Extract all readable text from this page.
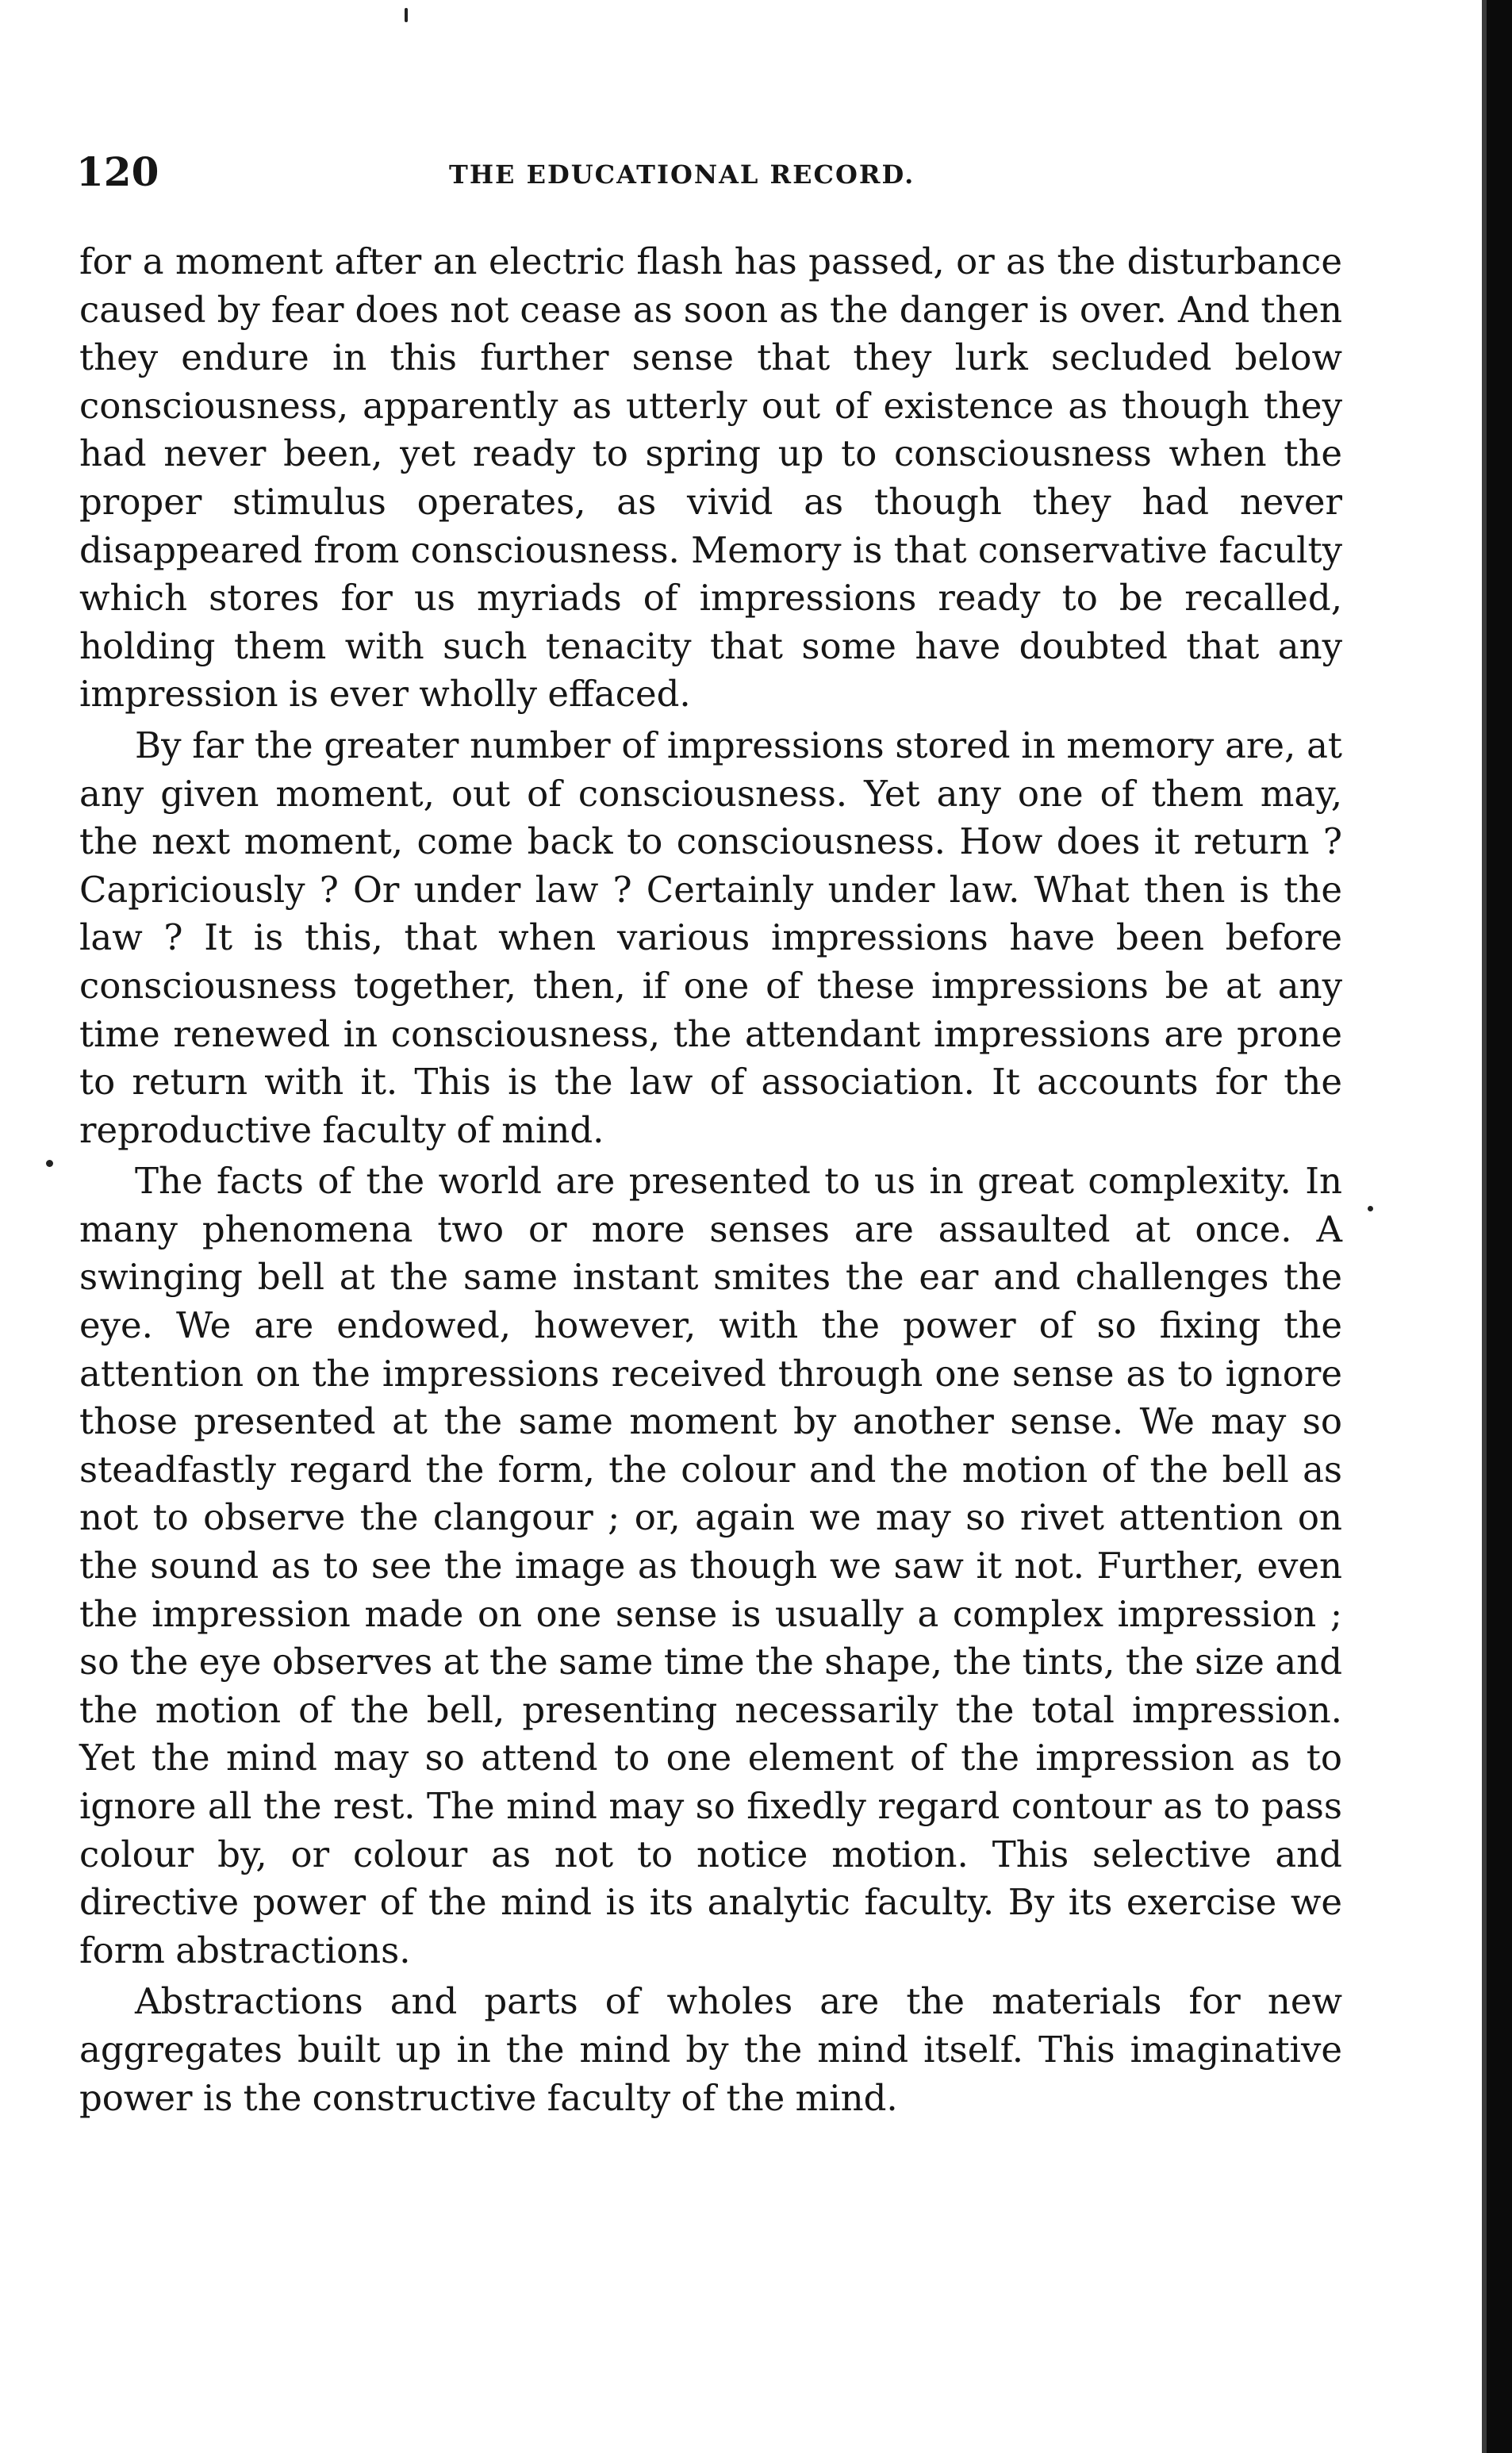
120	THE EDUCATIONAL RECORD.

for a moment after an electric flash has passed, or as the disturbance caused by fear does not cease as soon as the danger is over. And then they endure in this further sense that they lurk secluded below consciousness, apparently as utterly out of existence as though they had never been, yet ready to spring up to consciousness when the proper stimulus operates, as vivid as though they had never disappeared from consciousness. Memory is that conservative faculty which stores for us myriads of impressions ready to be recalled, holding them with such tenacity that some have doubted that any impression is ever wholly effaced.

By far the greater number of impressions stored in memory are, at any given moment, out of consciousness. Yet any one of them may, the next moment, come back to consciousness. How does it return ? Capriciously ? Or under law ? Certainly under law. What then is the law ? It is this, that when various impressions have been before consciousness together, then, if one of these impressions be at any time renewed in consciousness, the attendant impressions are prone to return with it. This is the law of association. It accounts for the reproductive faculty of mind.

The facts of the world are presented to us in great complexity. In many phenomena two or more senses are assaulted at once. A swinging bell at the same instant smites the ear and challenges the eye. We are endowed, however, with the power of so fixing the attention on the impressions received through one sense as to ignore those presented at the same moment by another sense. We may so steadfastly regard the form, the colour and the motion of the bell as not to observe the clangour ; or, again we may so rivet attention on the sound as to see the image as though we saw it not. Further, even the impression made on one sense is usually a complex impression ; so the eye observes at the same time the shape, the tints, the size and the motion of the bell, presenting necessarily the total impression. Yet the mind may so attend to one element of the impression as to ignore all the rest. The mind may so fixedly regard contour as to pass colour by, or colour as not to notice motion. This selective and directive power of the mind is its analytic faculty. By its exercise we form abstractions.

Abstractions and parts of wholes are the materials for new aggregates built up in the mind by the mind itself. This imaginative power is the constructive faculty of the mind.
